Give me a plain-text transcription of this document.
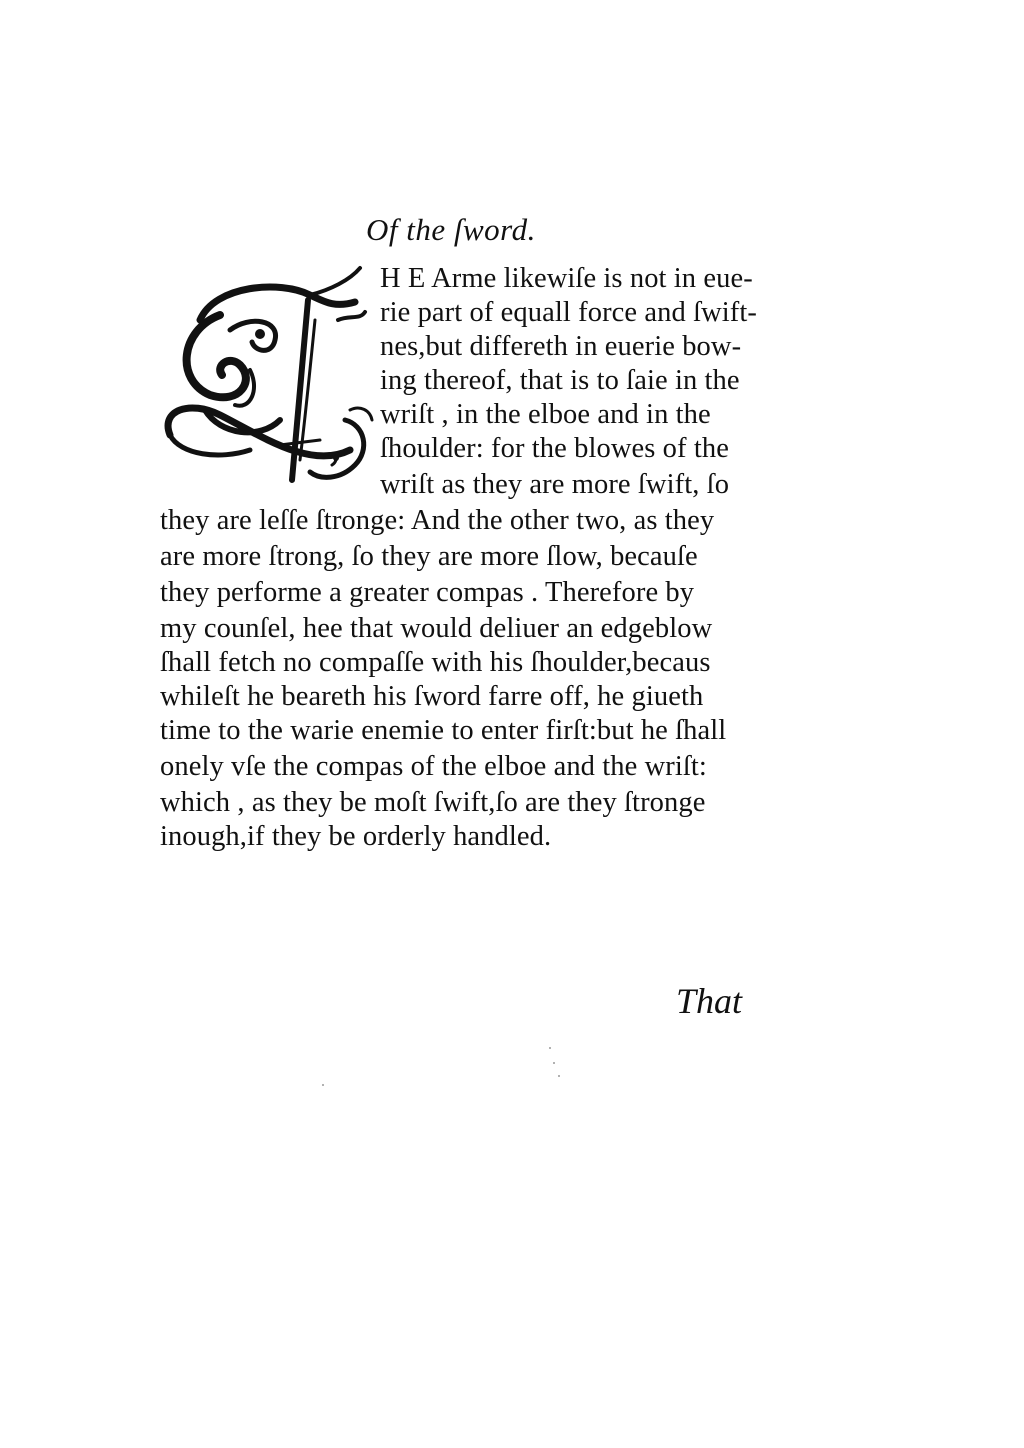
Of the ſword.
H E Arme likewiſe is not in eue-
rie part of equall force and ſwift-
nes,but differeth in euerie bow-
ing thereof, that is to ſaie in the
wriſt , in the elboe and in the
ſhoulder: for the blowes of the
wriſt as they are more ſwift, ſo
they are leſſe ſtronge: And the other two, as they
are more ſtrong, ſo they are more ſlow, becauſe
they performe a greater compas . Therefore by
my counſel, hee that would deliuer an edgeblow
ſhall fetch no compaſſe with his ſhoulder,becaus
whileſt he beareth his ſword farre off, he giueth
time to the warie enemie to enter firſt:but he ſhall
onely vſe the compas of the elboe and the wriſt:
which , as they be moſt ſwift,ſo are they ſtronge
inough,if they be orderly handled.
That
